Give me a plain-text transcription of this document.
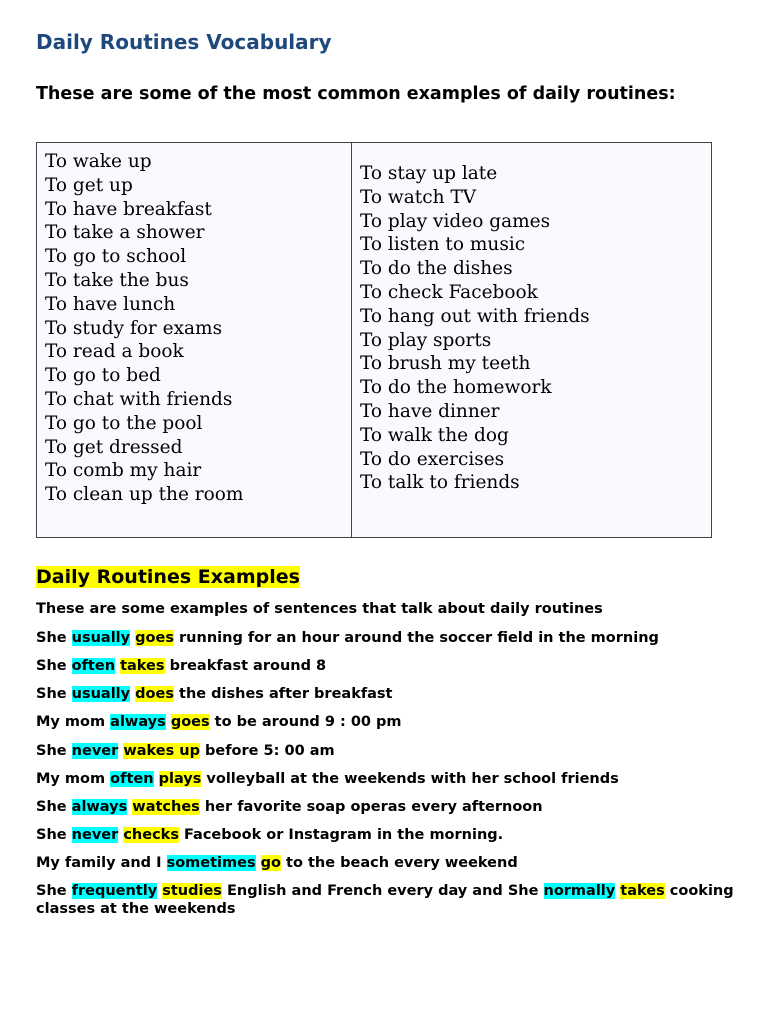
Daily Routines Vocabulary

These are some of the most common examples of daily routines:

To wake up
To get up
To have breakfast
To take a shower
To go to school
To take the bus
To have lunch
To study for exams
To read a book
To go to bed
To chat with friends
To go to the pool
To get dressed
To comb my hair
To clean up the room
To stay up late
To watch TV
To play video games
To listen to music
To do the dishes
To check Facebook
To hang out with friends
To play sports
To brush my teeth
To do the homework
To have dinner
To walk the dog
To do exercises
To talk to friends
Daily Routines Examples

These are some examples of sentences that talk about daily routines

She usually goes running for an hour around the soccer field in the morning

She often takes breakfast around 8

She usually does the dishes after breakfast

My mom always goes to be around 9 : 00 pm

She never wakes up before 5: 00 am

My mom often plays volleyball at the weekends with her school friends

She always watches her favorite soap operas every afternoon

She never checks Facebook or Instagram in the morning.

My family and I sometimes go to the beach every weekend

She frequently studies English and French every day and She normally takes cooking classes at the weekends
